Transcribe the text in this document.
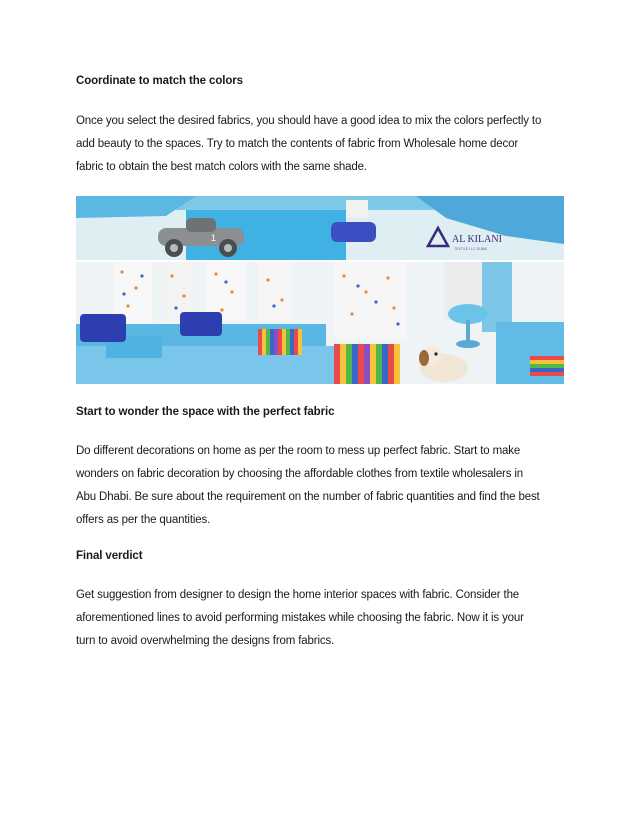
Coordinate to match the colors
Once you select the desired fabrics, you should have a good idea to mix the colors perfectly to
add beauty to the spaces. Try to match the contents of fabric from Wholesale home decor
fabric to obtain the best match colors with the same shade.
1	AL KILANI
TEXTILE LLC DUBAI
Start to wonder the space with the perfect fabric
Do different decorations on home as per the room to mess up perfect fabric. Start to make
wonders on fabric decoration by choosing the affordable clothes from textile wholesalers in
Abu Dhabi. Be sure about the requirement on the number of fabric quantities and find the best
offers as per the quantities.
Final verdict
Get suggestion from designer to design the home interior spaces with fabric. Consider the
aforementioned lines to avoid performing mistakes while choosing the fabric. Now it is your
turn to avoid overwhelming the designs from fabrics.
